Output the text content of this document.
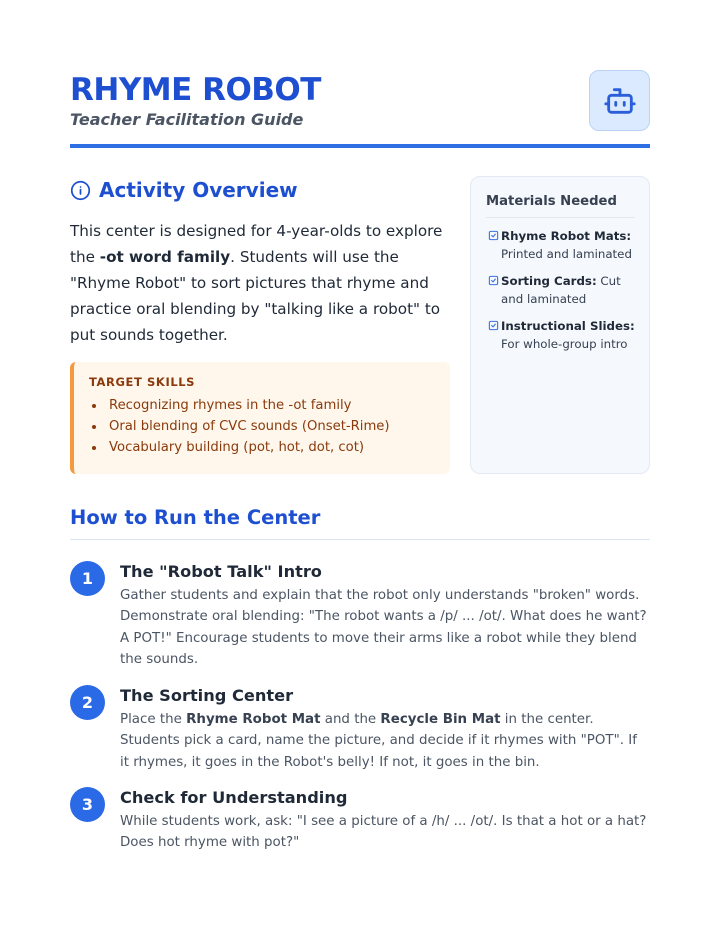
RHYME ROBOT
Teacher Facilitation Guide
Activity Overview

This center is designed for 4-year-olds to explore the -ot word family. Students will use the "Rhyme Robot" to sort pictures that rhyme and practice oral blending by "talking like a robot" to put sounds together.

TARGET SKILLS
Recognizing rhymes in the -ot family
Oral blending of CVC sounds (Onset-Rime)
Vocabulary building (pot, hot, dot, cot)
Materials Needed
Rhyme Robot Mats:
Printed and laminated
Sorting Cards: Cut and laminated
Instructional Slides:
For whole-group intro
How to Run the Center
1	The "Robot Talk" Intro
Gather students and explain that the robot only understands "broken" words. Demonstrate oral blending: "The robot wants a /p/ ... /ot/. What does he want? A POT!" Encourage students to move their arms like a robot while they blend the sounds.
2	The Sorting Center
Place the Rhyme Robot Mat and the Recycle Bin Mat in the center. Students pick a card, name the picture, and decide if it rhymes with "POT". If it rhymes, it goes in the Robot's belly! If not, it goes in the bin.
3	Check for Understanding
While students work, ask: "I see a picture of a /h/ ... /ot/. Is that a hot or a hat? Does hot rhyme with pot?"
